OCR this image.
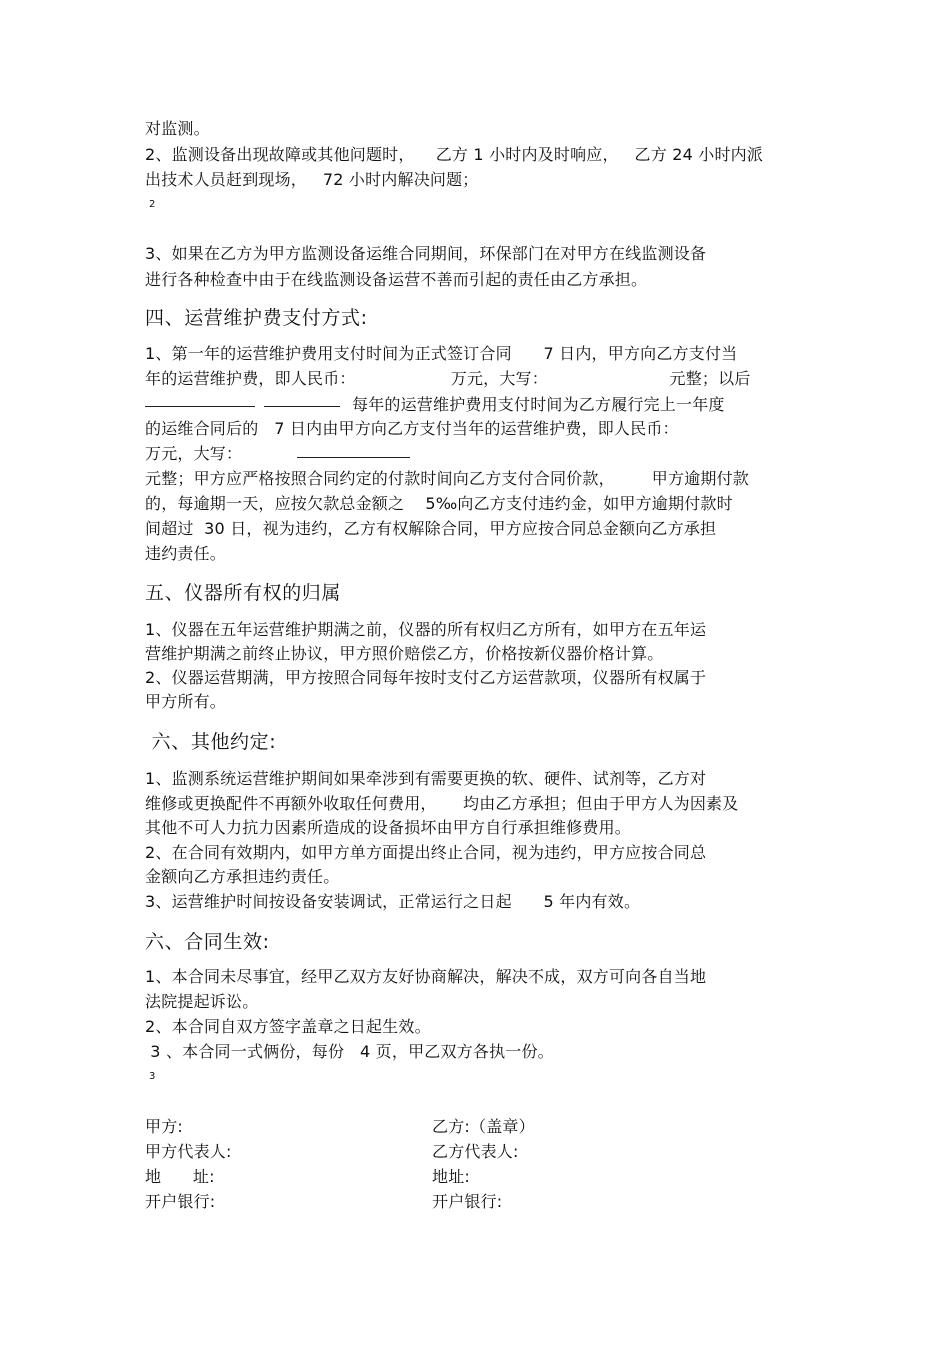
对监测。
2、监测设备出现故障或其他问题时，    乙方 1 小时内及时响应，   乙方 24 小时内派
出技术人员赶到现场，   72 小时内解决问题；
2
3、如果在乙方为甲方监测设备运维合同期间，环保部门在对甲方在线监测设备
进行各种检查中由于在线监测设备运营不善而引起的责任由乙方承担。
四、运营维护费支付方式:
1、第一年的运营维护费用支付时间为正式签订合同      7 日内，甲方向乙方支付当
年的运营维护费，即人民币：                  万元，大写：                       元整；以后
每年的运营维护费用支付时间为乙方履行完上一年度
的运维合同后的   7 日内由甲方向乙方支付当年的运营维护费，即人民币：
万元，大写：
元整；甲方应严格按照合同约定的付款时间向乙方支付合同价款，       甲方逾期付款
的，每逾期一天，应按欠款总金额之    5‰向乙方支付违约金，如甲方逾期付款时
间超过  30 日，视为违约，乙方有权解除合同，甲方应按合同总金额向乙方承担
违约责任。
五、仪器所有权的归属
1、仪器在五年运营维护期满之前，仪器的所有权归乙方所有，如甲方在五年运
营维护期满之前终止协议，甲方照价赔偿乙方，价格按新仪器价格计算。
2、仪器运营期满，甲方按照合同每年按时支付乙方运营款项，仪器所有权属于
甲方所有。
六、其他约定:
1、监测系统运营维护期间如果牵涉到有需要更换的软、硬件、试剂等，乙方对
维修或更换配件不再额外收取任何费用，     均由乙方承担；但由于甲方人为因素及
其他不可人力抗力因素所造成的设备损坏由甲方自行承担维修费用。
2、在合同有效期内，如甲方单方面提出终止合同，视为违约，甲方应按合同总
金额向乙方承担违约责任。
3、运营维护时间按设备安装调试，正常运行之日起      5 年内有效。
六、合同生效:
1、本合同未尽事宜，经甲乙双方友好协商解决，解决不成，双方可向各自当地
法院提起诉讼。
2、本合同自双方签字盖章之日起生效。
3 、本合同一式俩份，每份   4 页，甲乙双方各执一份。
3
甲方:	乙方:（盖章）
甲方代表人:	乙方代表人:
地      址:	地址:
开户银行:	开户银行:
